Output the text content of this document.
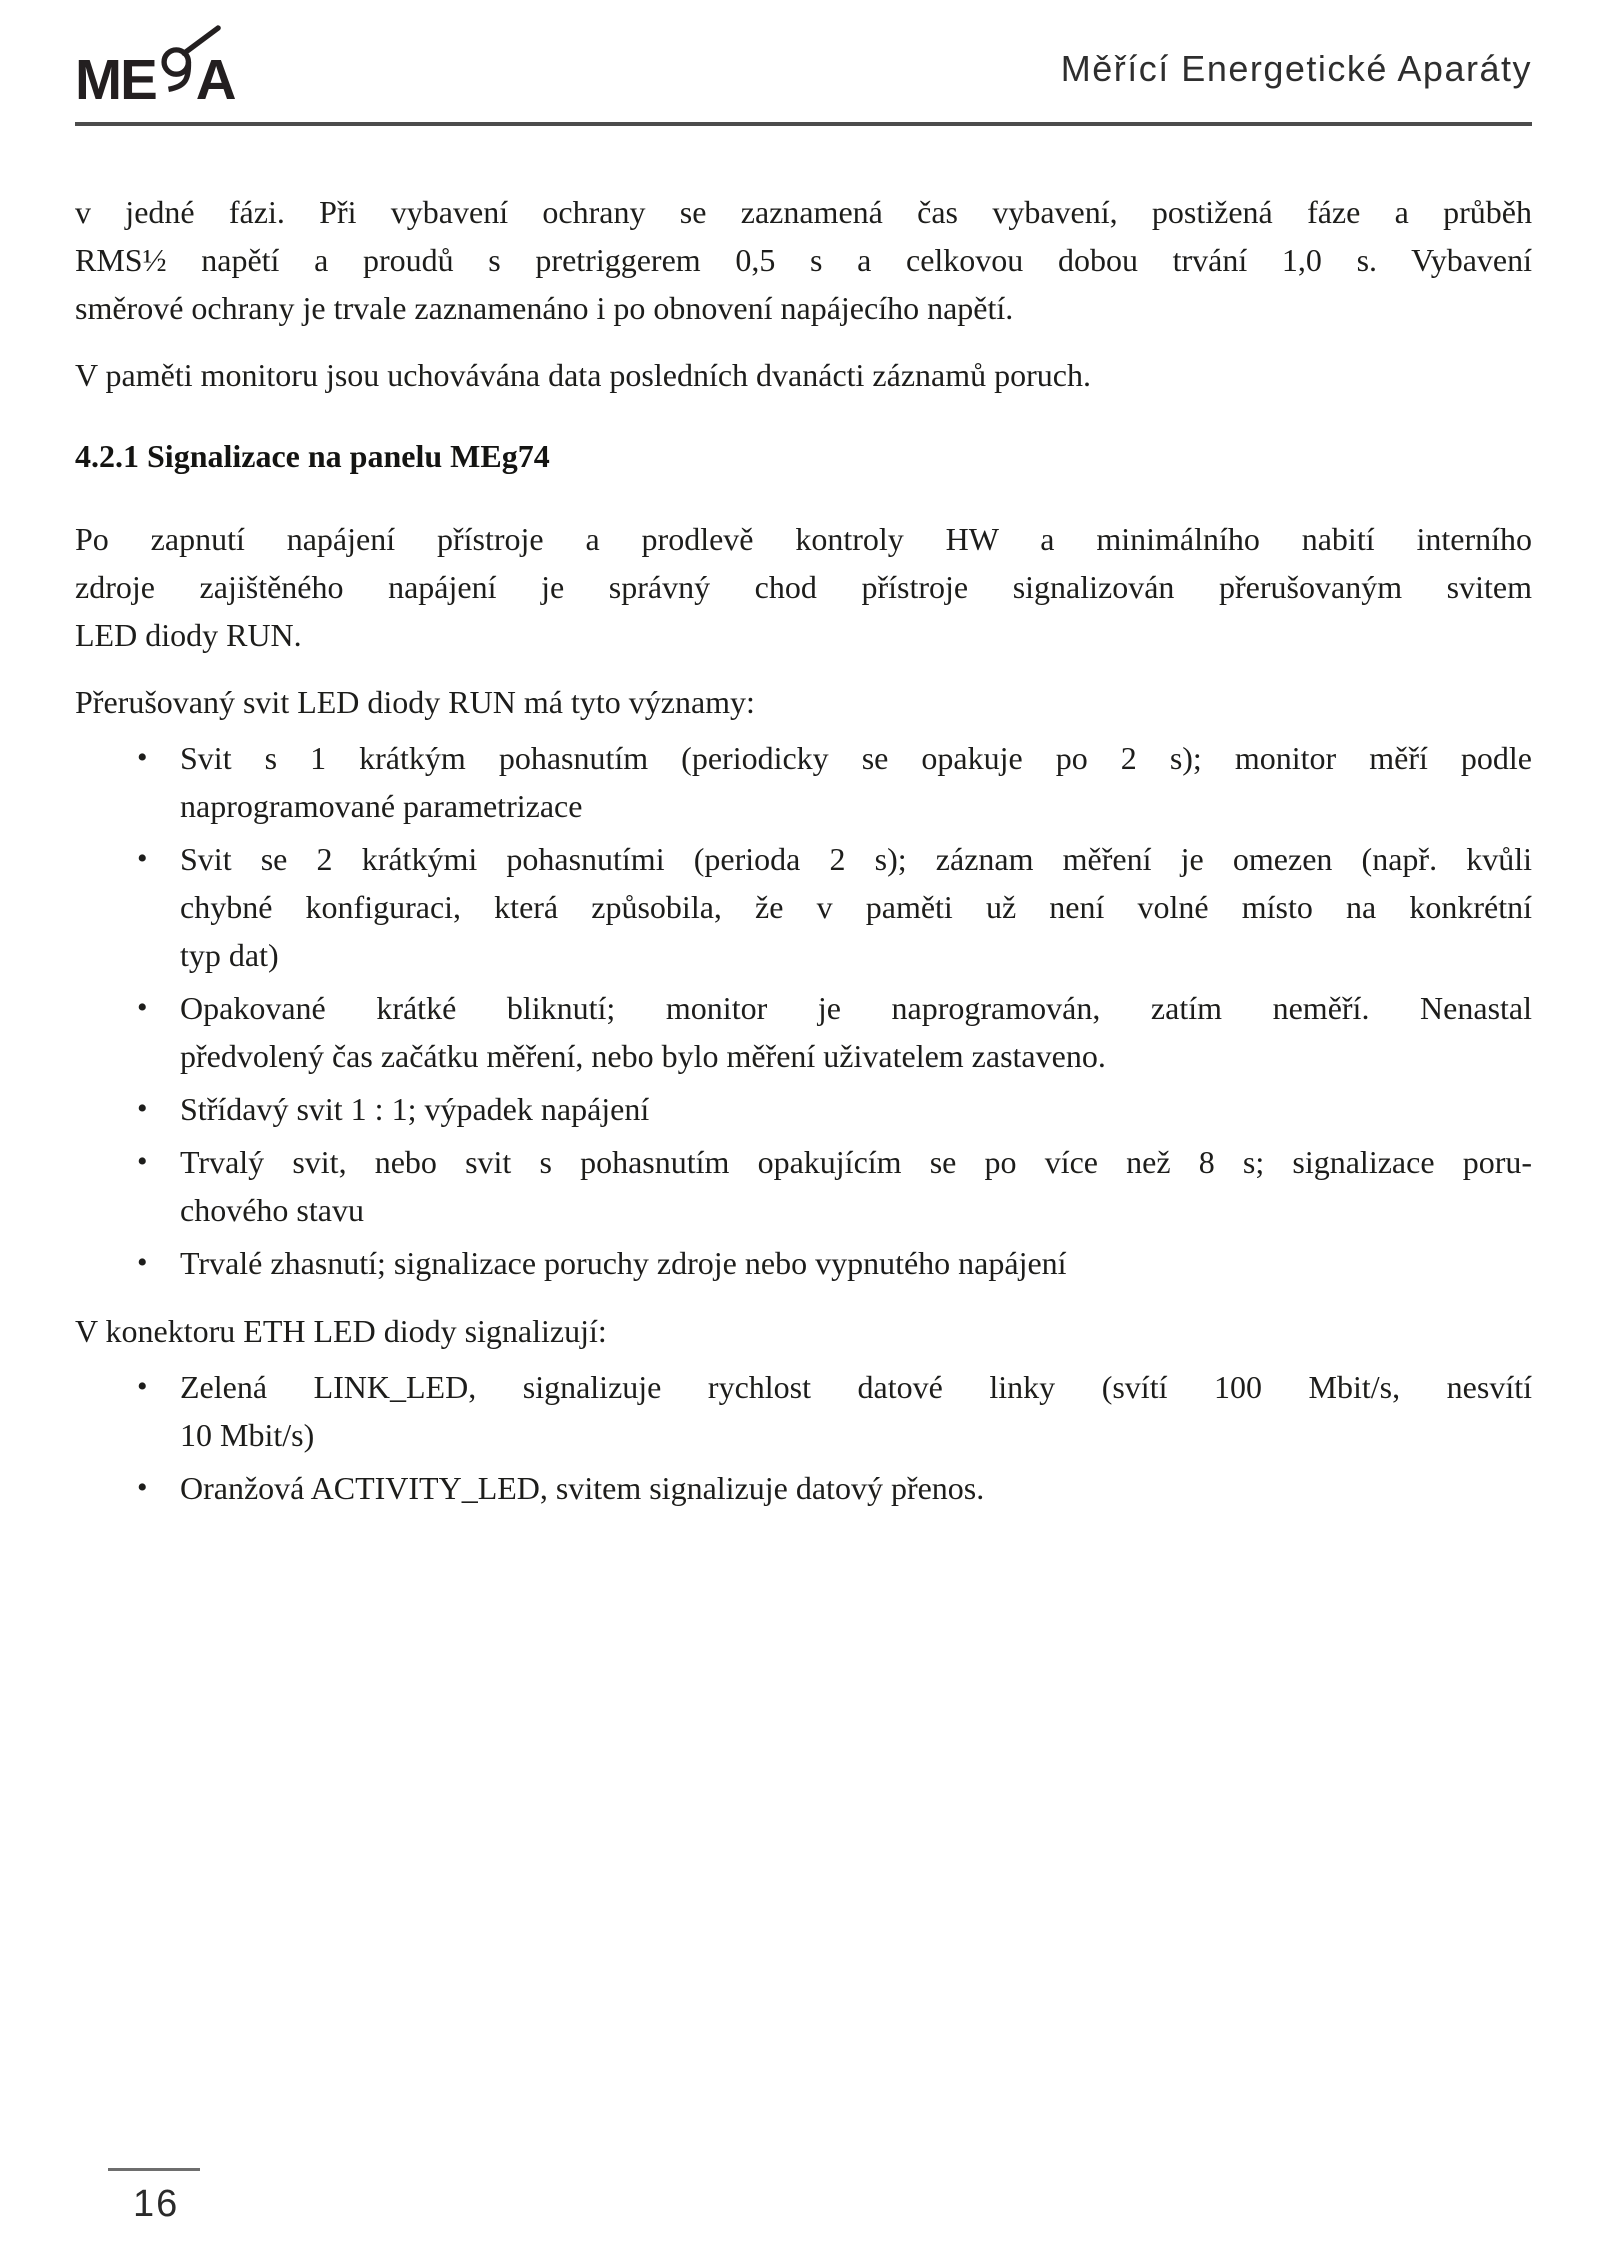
ME A	Měřící Energetické Aparáty

v jedné fázi. Při vybavení ochrany se zaznamená čas vybavení, postižená fáze a průběh
RMS½ napětí a proudů s pretriggerem 0,5 s a celkovou dobou trvání 1,0 s. Vybavení
směrové ochrany je trvale zaznamenáno i po obnovení napájecího napětí.

V paměti monitoru jsou uchovávána data posledních dvanácti záznamů poruch.

4.2.1 Signalizace na panelu MEg74

Po zapnutí napájení přístroje a prodlevě kontroly HW a minimálního nabití interního
zdroje zajištěného napájení je správný chod přístroje signalizován přerušovaným svitem
LED diody RUN.

Přerušovaný svit LED diody RUN má tyto významy:

•	Svit s 1 krátkým pohasnutím (periodicky se opakuje po 2 s); monitor měří podle
naprogramované parametrizace
•	Svit se 2 krátkými pohasnutími (perioda 2 s); záznam měření je omezen (např. kvůli
chybné konfiguraci, která způsobila, že v paměti už není volné místo na konkrétní
typ dat)
•	Opakované krátké bliknutí; monitor je naprogramován, zatím neměří. Nenastal
předvolený čas začátku měření, nebo bylo měření uživatelem zastaveno.
•	Střídavý svit 1 : 1; výpadek napájení
•	Trvalý svit, nebo svit s pohasnutím opakujícím se po více než 8 s; signalizace poru-
chového stavu
•	Trvalé zhasnutí; signalizace poruchy zdroje nebo vypnutého napájení

V konektoru ETH LED diody signalizují:

•	Zelená LINK_LED, signalizuje rychlost datové linky (svítí 100 Mbit/s, nesvítí
10 Mbit/s)
•	Oranžová ACTIVITY_LED, svitem signalizuje datový přenos.
16
